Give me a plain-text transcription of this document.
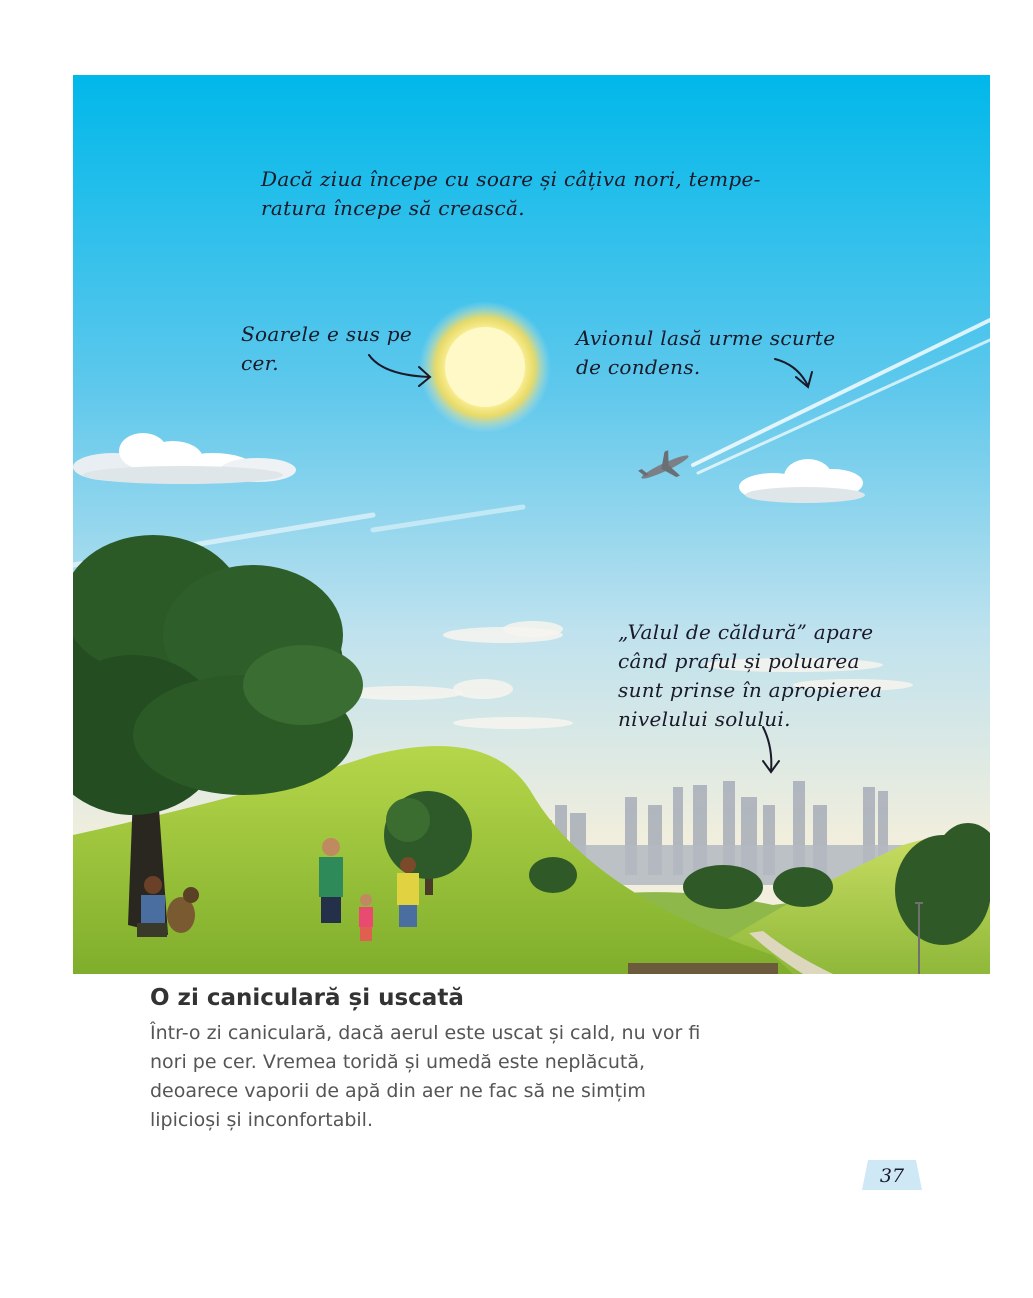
Dacă ziua începe cu soare și câțiva nori, tempe-
ratura începe să crească.
Soarele e sus pe
cer.
Avionul lasă urme scurte
de condens.
„Valul de căldură” apare
când praful și poluarea
sunt prinse în apropierea
nivelului solului.
O zi caniculară și uscată

Într-o zi caniculară, dacă aerul este uscat și cald, nu vor fi
nori pe cer. Vremea toridă și umedă este neplăcută,
deoarece vaporii de apă din aer ne fac să ne simțim
lipicioși și inconfortabil.

37
